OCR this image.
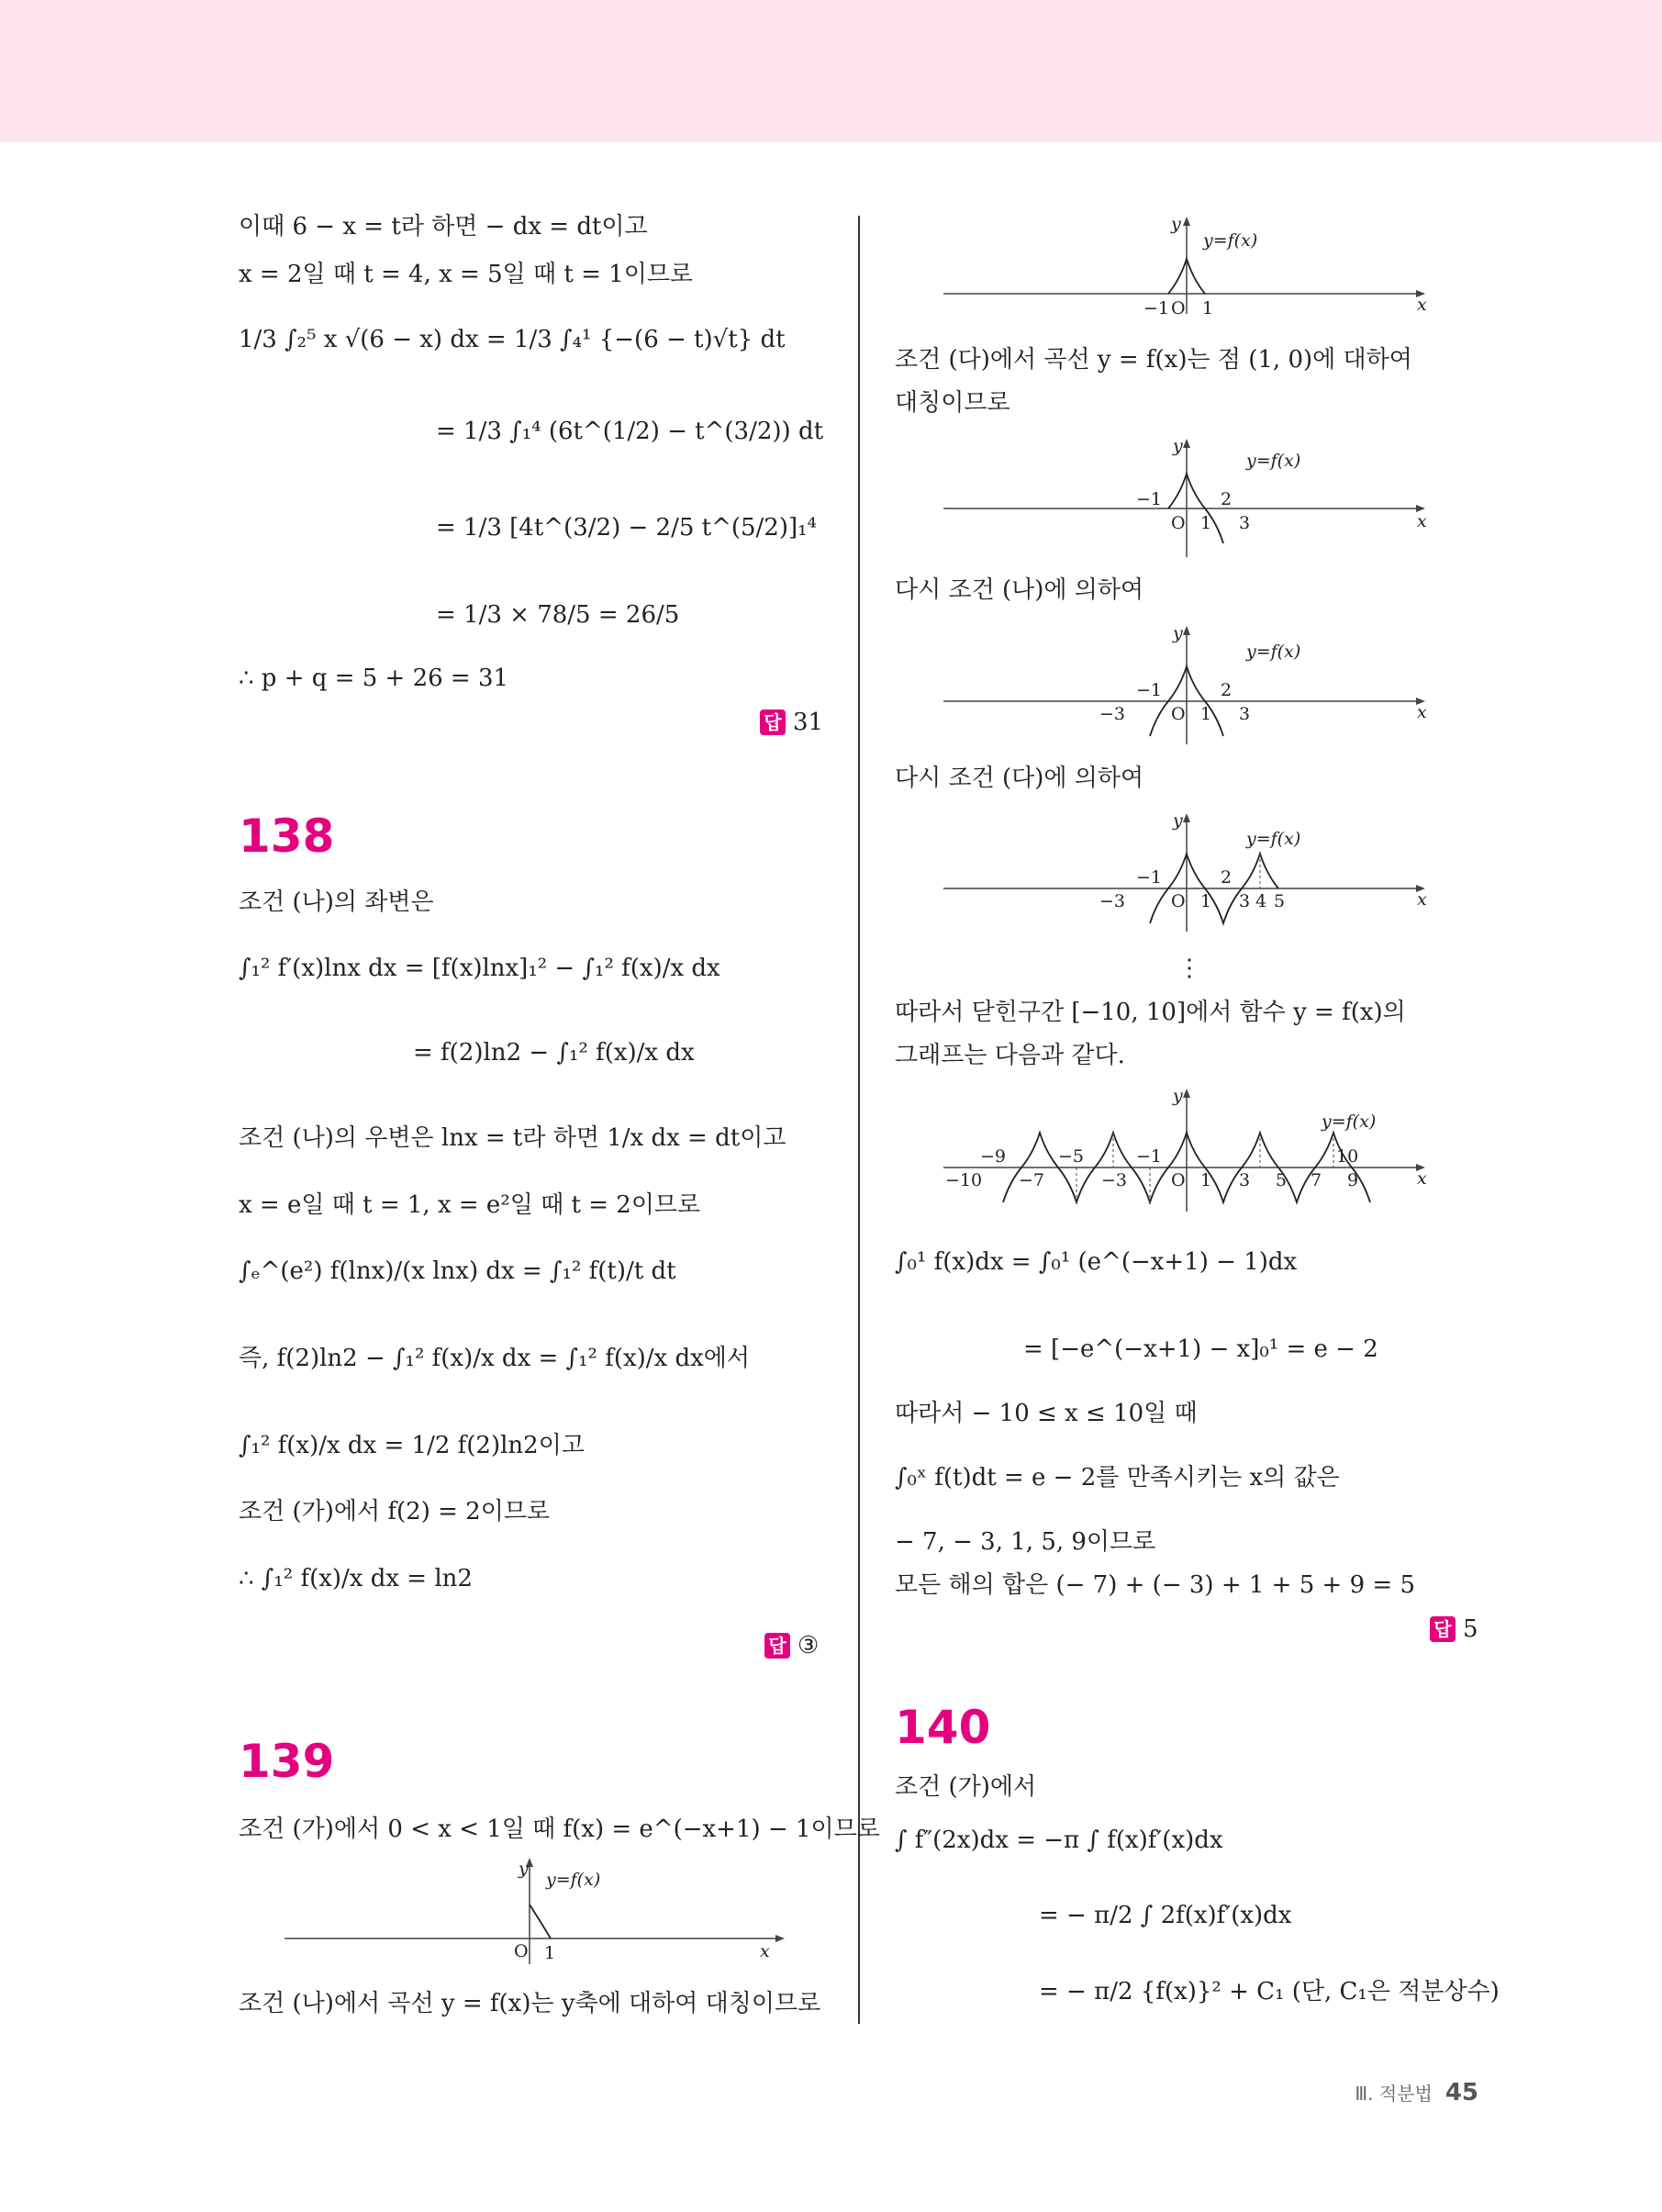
이때 6 − x = t라 하면 − dx = dt이고
x = 2일 때 t = 4, x = 5일 때 t = 1이므로
1/3 ∫₂⁵ x √(6 − x) dx = 1/3 ∫₄¹ {−(6 − t)√t} dt
= 1/3 ∫₁⁴ (6t^(1/2) − t^(3/2)) dt
= 1/3 [4t^(3/2) − 2/5 t^(5/2)]₁⁴
= 1/3 × 78/5 = 26/5
∴ p + q = 5 + 26 = 31
답 31
138
조건 (나)의 좌변은
∫₁² f′(x)lnx dx = [f(x)lnx]₁² − ∫₁² f(x)/x dx
= f(2)ln2 − ∫₁² f(x)/x dx
조건 (나)의 우변은 lnx = t라 하면 1/x dx = dt이고
x = e일 때 t = 1, x = e²일 때 t = 2이므로
∫ₑ^(e²) f(lnx)/(x lnx) dx = ∫₁² f(t)/t dt
즉, f(2)ln2 − ∫₁² f(x)/x dx = ∫₁² f(x)/x dx에서
∫₁² f(x)/x dx = 1/2 f(2)ln2이고
조건 (가)에서 f(2) = 2이므로
∴ ∫₁² f(x)/x dx = ln2
답 ③
139
조건 (가)에서 0 < x < 1일 때 f(x) = e^(−x+1) − 1이므로
y
y=f(x)
O 1	x
조건 (나)에서 곡선 y = f(x)는 y축에 대하여 대칭이므로
y
y=f(x)
−1 O 1	x
조건 (다)에서 곡선 y = f(x)는 점 (1, 0)에 대하여
대칭이므로
y
y=f(x)
−1	2
O 1 3	x
다시 조건 (나)에 의하여
y
y=f(x)
−1	2
−3	O 1 3	x
다시 조건 (다)에 의하여
y
y=f(x)
−1	2
−3	O 1 3 4 5	x
⋮
따라서 닫힌구간 [−10, 10]에서 함수 y = f(x)의
그래프는 다음과 같다.
y
y=f(x)
−9	−5	−1	10
−10 −7	−3	O 1 3 5 7 9	x
∫₀¹ f(x)dx = ∫₀¹ (e^(−x+1) − 1)dx
= [−e^(−x+1) − x]₀¹ = e − 2
따라서 − 10 ≤ x ≤ 10일 때
∫₀ˣ f(t)dt = e − 2를 만족시키는 x의 값은
− 7, − 3, 1, 5, 9이므로
모든 해의 합은 (− 7) + (− 3) + 1 + 5 + 9 = 5
답 5
140
조건 (가)에서
∫ f″(2x)dx = −π ∫ f(x)f′(x)dx
= − π/2 ∫ 2f(x)f′(x)dx
= − π/2 {f(x)}² + C₁ (단, C₁은 적분상수)
Ⅲ. 적분법 45
